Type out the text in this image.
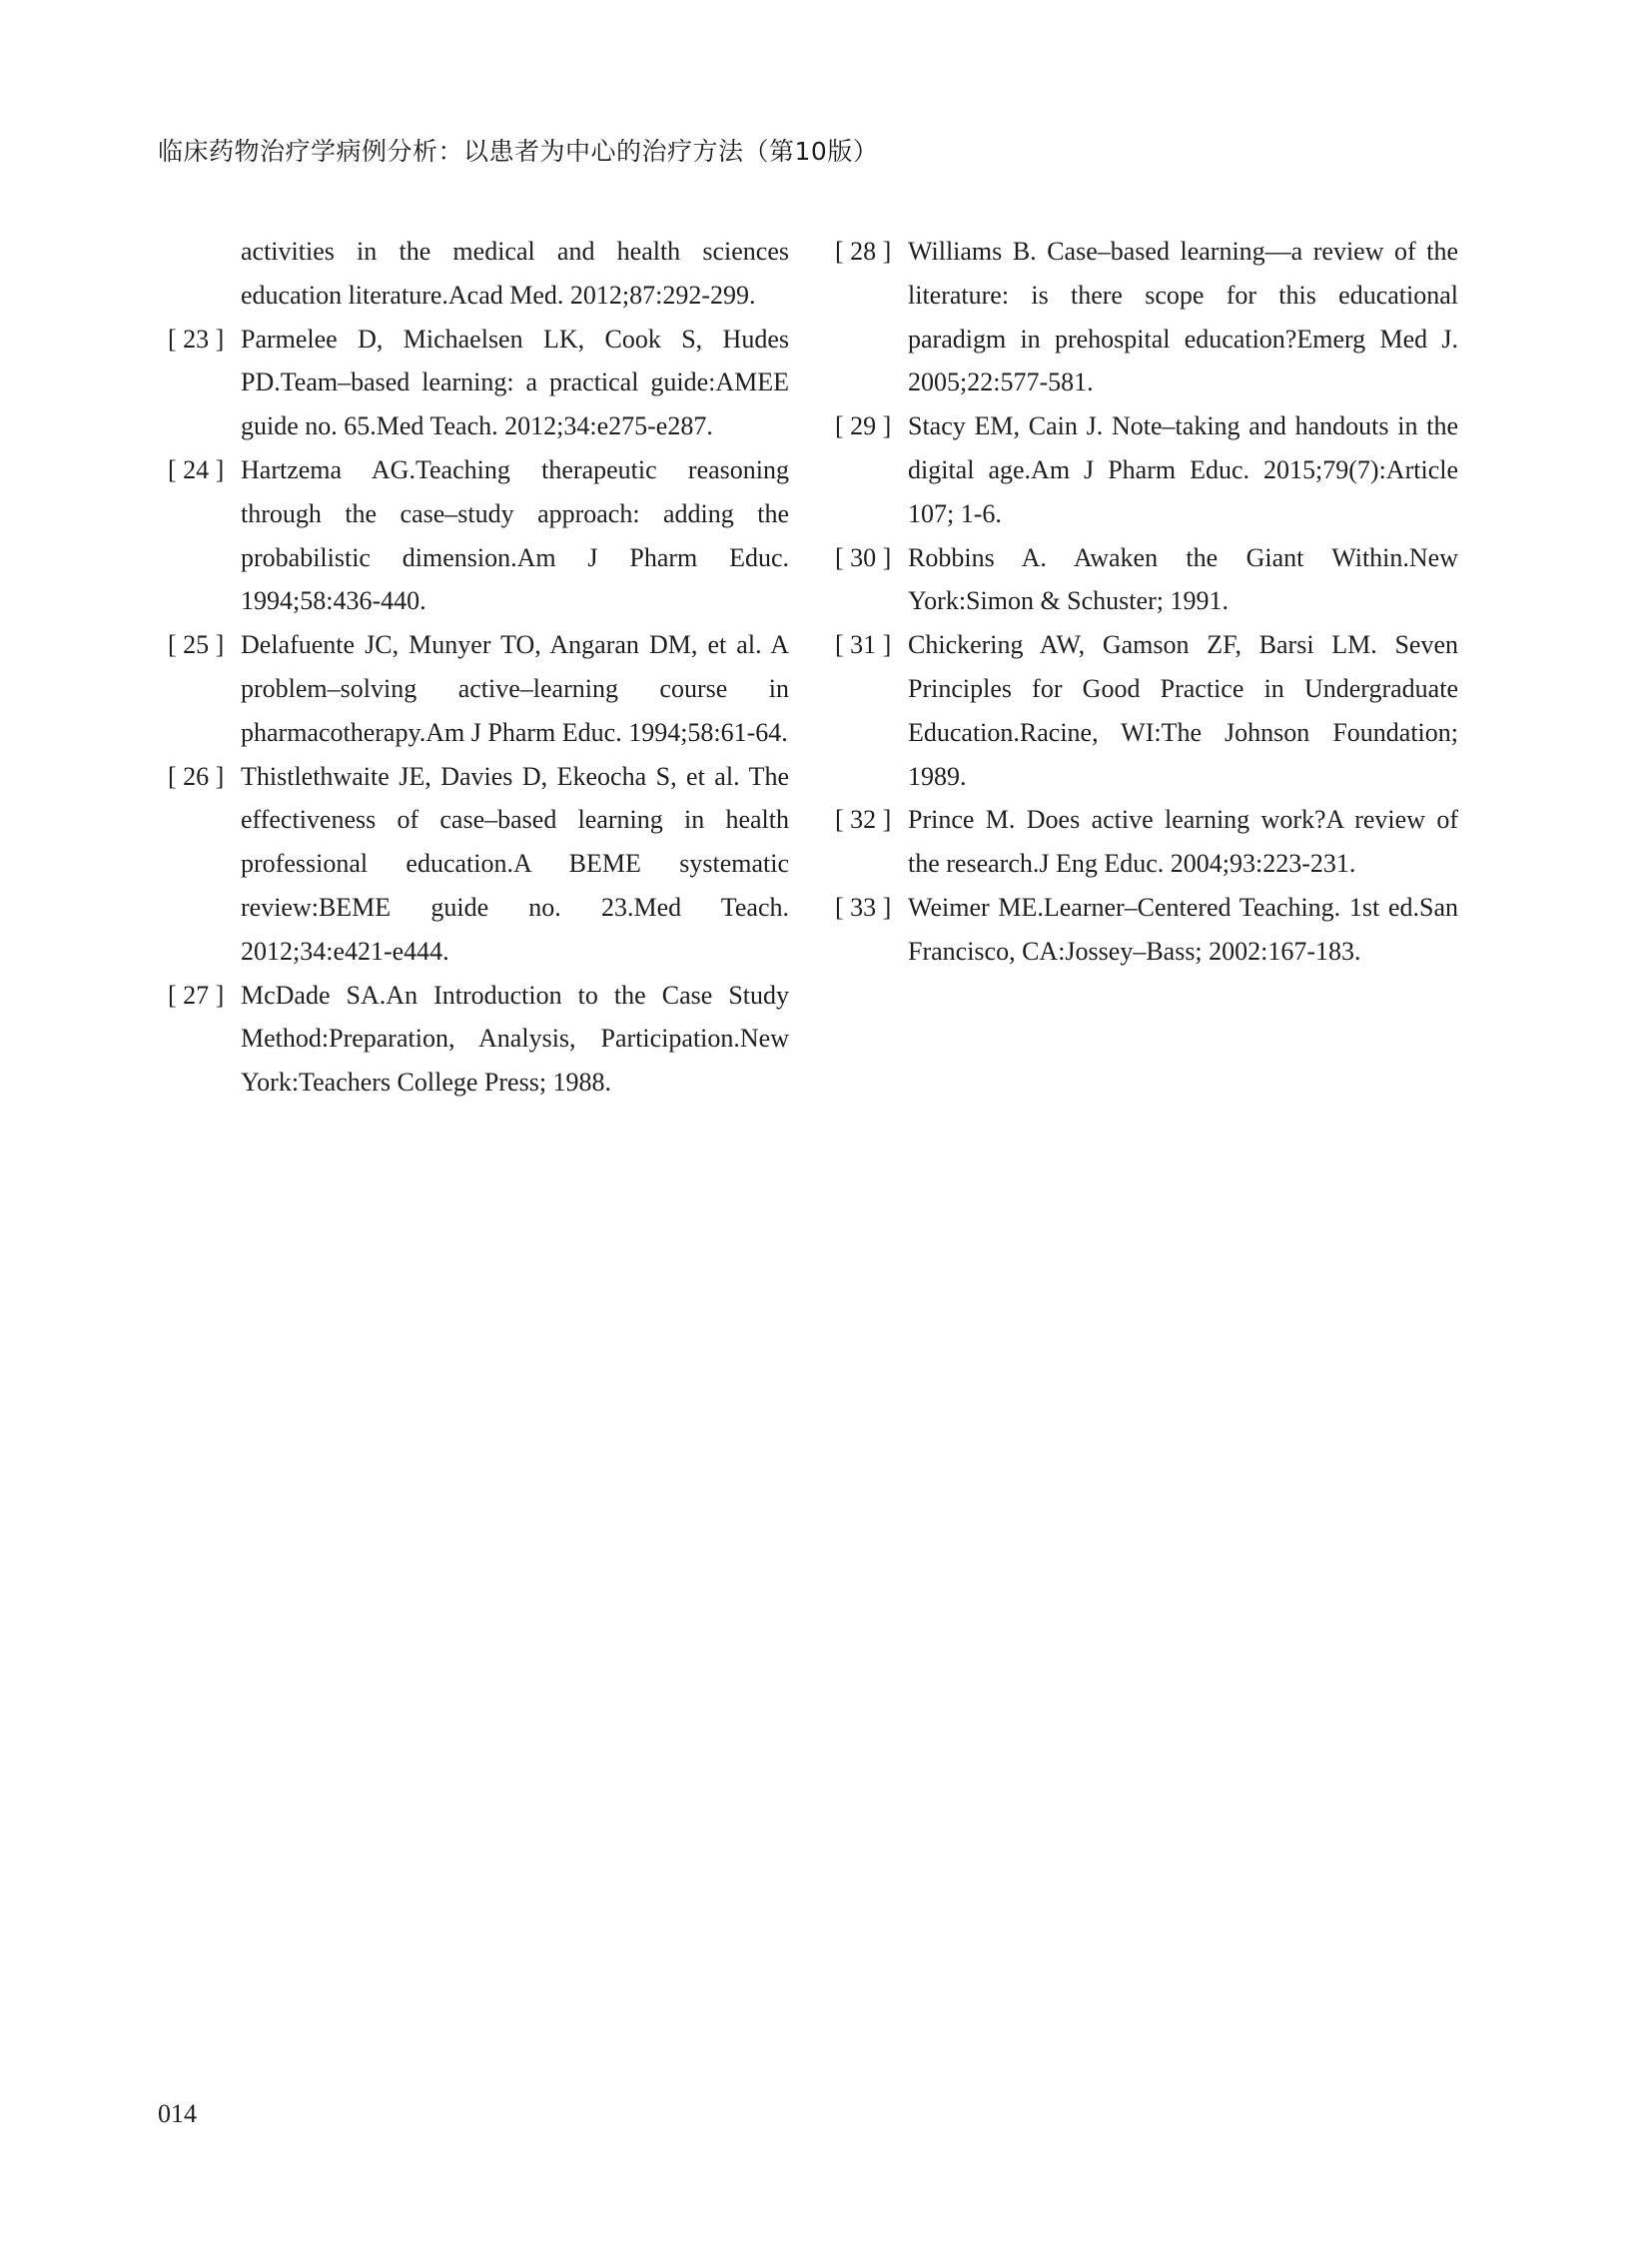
临床药物治疗学病例分析：以患者为中心的治疗方法（第10版）
activities in the medical and health sciences education literature.Acad Med. 2012;87:292-299.
[ 23 ] Parmelee D, Michaelsen LK, Cook S, Hudes PD.Team–based learning: a practical guide:AMEE guide no. 65.Med Teach. 2012;34:e275-e287.
[ 24 ] Hartzema AG.Teaching therapeutic reasoning through the case–study approach: adding the probabilistic dimension.Am J Pharm Educ. 1994;58:436-440.
[ 25 ] Delafuente JC, Munyer TO, Angaran DM, et al. A problem–solving active–learning course in pharmacotherapy.Am J Pharm Educ. 1994;58:61-64.
[ 26 ] Thistlethwaite JE, Davies D, Ekeocha S, et al. The effectiveness of case–based learning in health professional education.A BEME systematic review:BEME guide no. 23.Med Teach. 2012;34:e421-e444.
[ 27 ] McDade SA.An Introduction to the Case Study Method:Preparation, Analysis, Participation.New York:Teachers College Press; 1988.
[ 28 ] Williams B. Case–based learning—a review of the literature: is there scope for this educational paradigm in prehospital education?Emerg Med J. 2005;22:577-581.
[ 29 ] Stacy EM, Cain J. Note–taking and handouts in the digital age.Am J Pharm Educ. 2015;79(7):Article 107; 1-6.
[ 30 ] Robbins A. Awaken the Giant Within.New York:Simon & Schuster; 1991.
[ 31 ] Chickering AW, Gamson ZF, Barsi LM. Seven Principles for Good Practice in Undergraduate Education.Racine, WI:The Johnson Foundation; 1989.
[ 32 ] Prince M. Does active learning work?A review of the research.J Eng Educ. 2004;93:223-231.
[ 33 ] Weimer ME.Learner–Centered Teaching. 1st ed.San Francisco, CA:Jossey–Bass; 2002:167-183.
014
